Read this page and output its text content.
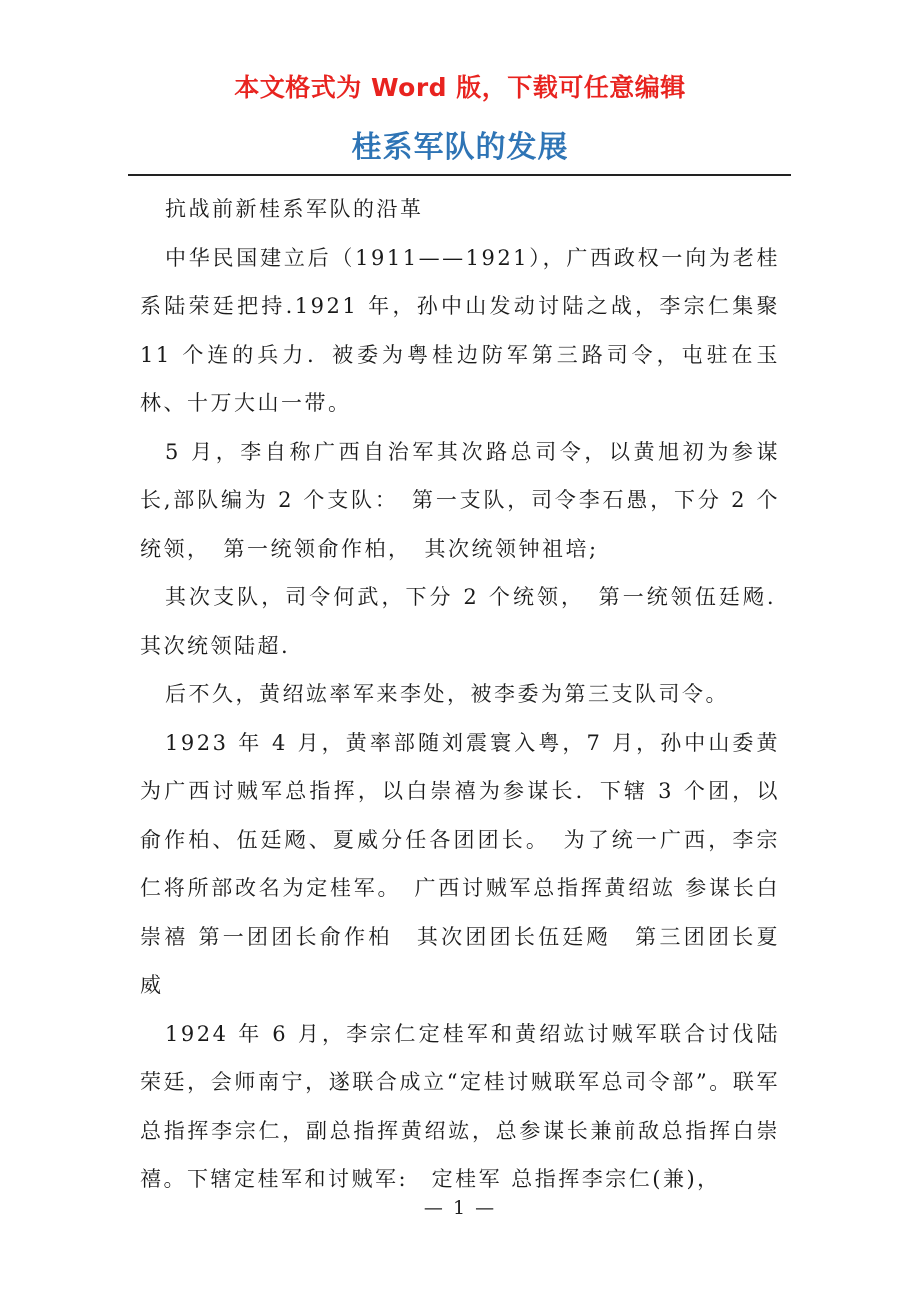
本文格式为 Word 版，下载可任意编辑
桂系军队的发展

抗战前新桂系军队的沿革

中华民国建立后（1911——1921），广西政权一向为老桂系陆荣廷把持.1921 年，孙中山发动讨陆之战，李宗仁集聚 11 个连的兵力．被委为粤桂边防军第三路司令，屯驻在玉林、十万大山一带。

5 月，李自称广西自治军其次路总司令，以黄旭初为参谋长,部队编为 2 个支队：　第一支队，司令李石愚，下分 2 个统领，　第一统领俞作柏，　其次统领钟祖培;

其次支队，司令何武，下分 2 个统领，　第一统领伍廷飏．　其次统领陆超.

后不久，黄绍竑率军来李处，被李委为第三支队司令。

1923 年 4 月，黄率部随刘震寰入粤，7 月，孙中山委黄为广西讨贼军总指挥，以白崇禧为参谋长．下辖 3 个团，以俞作柏、伍廷飏、夏威分任各团团长。　为了统一广西，李宗仁将所部改名为定桂军。　广西讨贼军总指挥黄绍竑 参谋长白崇禧 第一团团长俞作柏　其次团团长伍廷飏　第三团团长夏威

1924 年 6 月，李宗仁定桂军和黄绍竑讨贼军联合讨伐陆荣廷，会师南宁，遂联合成立“定桂讨贼联军总司令部”。联军总指挥李宗仁，副总指挥黄绍竑，总参谋长兼前敌总指挥白崇禧。下辖定桂军和讨贼军:　定桂军 总指挥李宗仁(兼)，

— 1 —
